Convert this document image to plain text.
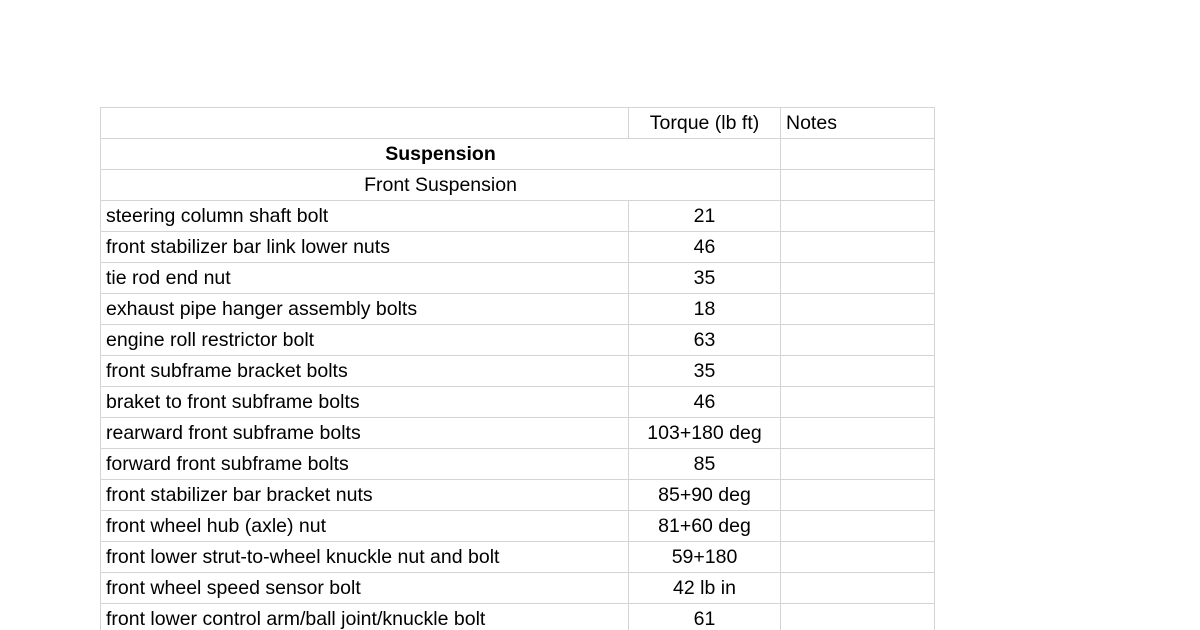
	Torque (lb ft)	Notes
Suspension		
Front Suspension		
steering column shaft bolt	21	
front stabilizer bar link lower nuts	46	
tie rod end nut	35	
exhaust pipe hanger assembly bolts	18	
engine roll restrictor bolt	63	
front subframe bracket bolts	35	
braket to front subframe bolts	46	
rearward front subframe bolts	103+180 deg	
forward front subframe bolts	85	
front stabilizer bar bracket nuts	85+90 deg	
front wheel hub (axle) nut	81+60 deg	
front lower strut-to-wheel knuckle nut and bolt	59+180	
front wheel speed sensor bolt	42 lb in	
front lower control arm/ball joint/knuckle bolt	61	
